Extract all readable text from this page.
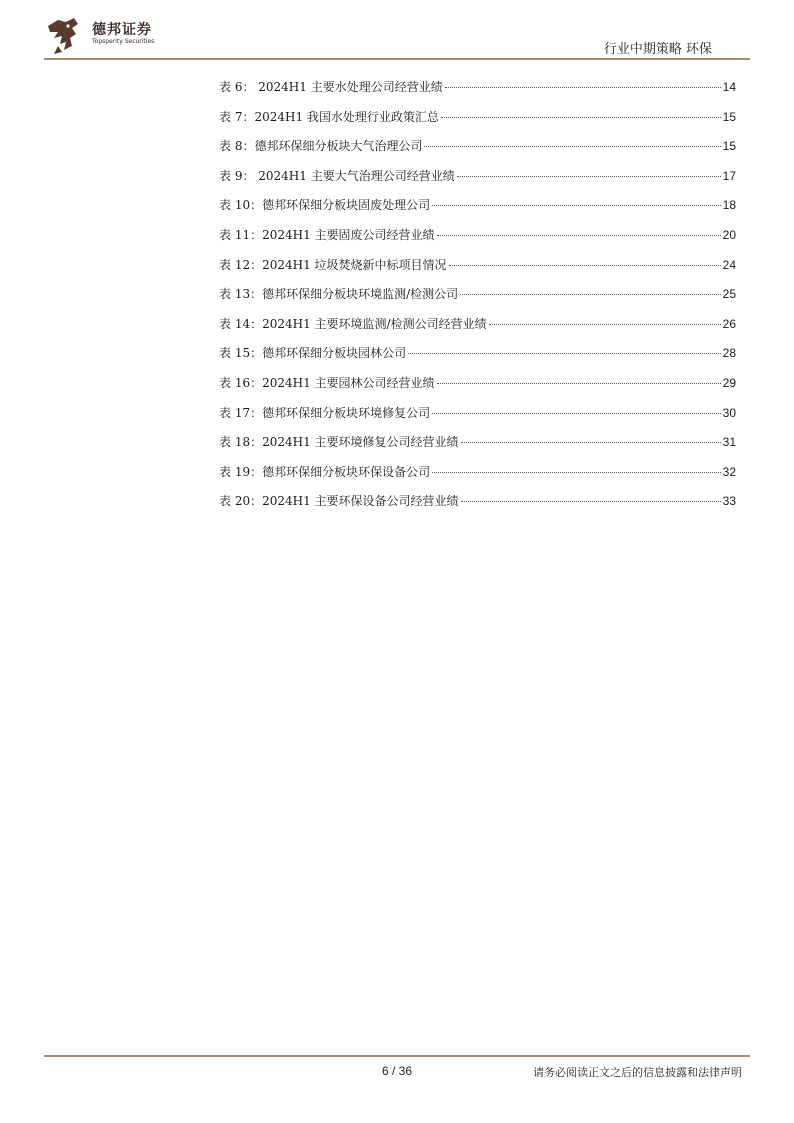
德邦证券
Topsperity Securities
行业中期策略 环保
表 6： 2024H1 主要水处理公司经营业绩	14
表 7：2024H1 我国水处理行业政策汇总	15
表 8：德邦环保细分板块大气治理公司	15
表 9： 2024H1 主要大气治理公司经营业绩	17
表 10：德邦环保细分板块固废处理公司	18
表 11：2024H1 主要固废公司经营业绩	20
表 12：2024H1 垃圾焚烧新中标项目情况	24
表 13：德邦环保细分板块环境监测/检测公司	25
表 14：2024H1 主要环境监测/检测公司经营业绩	26
表 15：德邦环保细分板块园林公司	28
表 16：2024H1 主要园林公司经营业绩	29
表 17：德邦环保细分板块环境修复公司	30
表 18：2024H1 主要环境修复公司经营业绩	31
表 19：德邦环保细分板块环保设备公司	32
表 20：2024H1 主要环保设备公司经营业绩	33
6 / 36	请务必阅读正文之后的信息披露和法律声明
